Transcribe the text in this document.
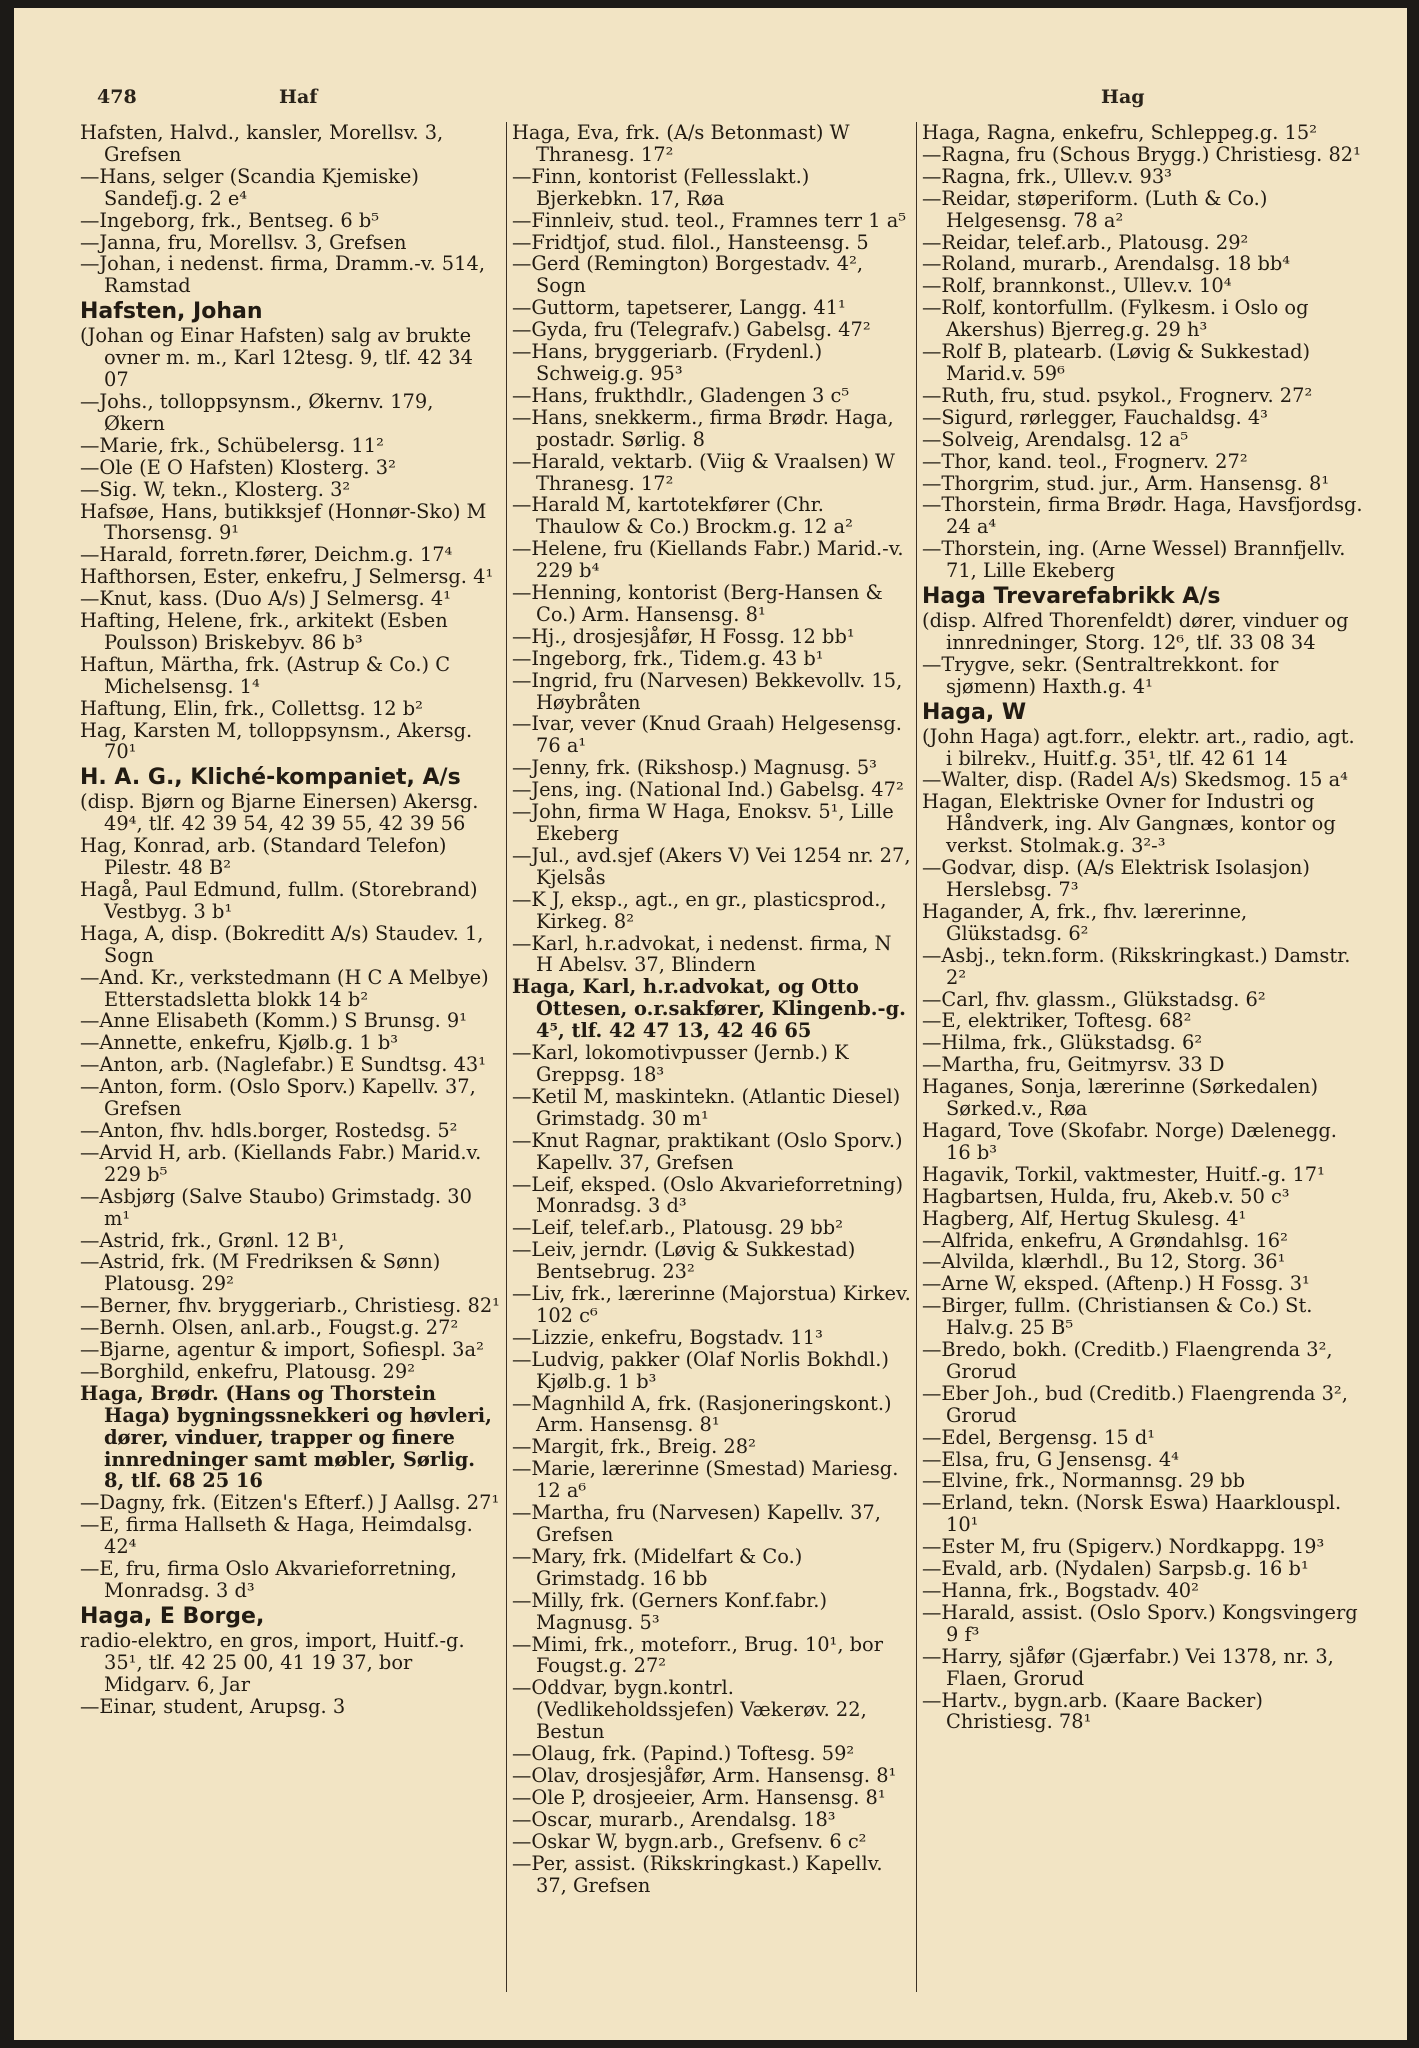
478	Haf	Hag

Hafsten, Halvd., kansler, Morellsv. 3, Grefsen

—Hans, selger (Scandia Kjemiske) Sandefj.g. 2 e⁴

—Ingeborg, frk., Bentseg. 6 b⁵

—Janna, fru, Morellsv. 3, Grefsen

—Johan, i nedenst. firma, Dramm.-v. 514, Ramstad

Hafsten, Johan

(Johan og Einar Hafsten) salg av brukte ovner m. m., Karl 12tesg. 9, tlf. 42 34 07

—Johs., tolloppsynsm., Økernv. 179, Økern

—Marie, frk., Schübelersg. 11²

—Ole (E O Hafsten) Klosterg. 3²

—Sig. W, tekn., Klosterg. 3²

Hafsøe, Hans, butikksjef (Honnør-Sko) M Thorsensg. 9¹

—Harald, forretn.fører, Deichm.g. 17⁴

Hafthorsen, Ester, enkefru, J Selmersg. 4¹

—Knut, kass. (Duo A/s) J Selmersg. 4¹

Hafting, Helene, frk., arkitekt (Esben Poulsson) Briskebyv. 86 b³

Haftun, Märtha, frk. (Astrup & Co.) C Michelsensg. 1⁴

Haftung, Elin, frk., Collettsg. 12 b²

Hag, Karsten M, tolloppsynsm., Akersg. 70¹

H. A. G., Kliché-kompaniet, A/s

(disp. Bjørn og Bjarne Einersen) Akersg. 49⁴, tlf. 42 39 54, 42 39 55, 42 39 56

Hag, Konrad, arb. (Standard Telefon) Pilestr. 48 B²

Hagå, Paul Edmund, fullm. (Storebrand) Vestbyg. 3 b¹

Haga, A, disp. (Bokreditt A/s) Staudev. 1, Sogn

—And. Kr., verkstedmann (H C A Melbye) Etterstadsletta blokk 14 b²

—Anne Elisabeth (Komm.) S Brunsg. 9¹

—Annette, enkefru, Kjølb.g. 1 b³

—Anton, arb. (Naglefabr.) E Sundtsg. 43¹

—Anton, form. (Oslo Sporv.) Kapellv. 37, Grefsen

—Anton, fhv. hdls.borger, Rostedsg. 5²

—Arvid H, arb. (Kiellands Fabr.) Marid.v. 229 b⁵

—Asbjørg (Salve Staubo) Grimstadg. 30 m¹

—Astrid, frk., Grønl. 12 B¹,

—Astrid, frk. (M Fredriksen & Sønn) Platousg. 29²

—Berner, fhv. bryggeriarb., Christiesg. 82¹

—Bernh. Olsen, anl.arb., Fougst.g. 27²

—Bjarne, agentur & import, Sofiespl. 3a²

—Borghild, enkefru, Platousg. 29²

Haga, Brødr. (Hans og Thorstein Haga) bygningssnekkeri og høvleri, dører, vinduer, trapper og finere innredninger samt møbler, Sørlig. 8, tlf. 68 25 16

—Dagny, frk. (Eitzen's Efterf.) J Aallsg. 27¹

—E, firma Hallseth & Haga, Heimdalsg. 42⁴

—E, fru, firma Oslo Akvarieforretning, Monradsg. 3 d³

Haga, E Borge,

radio-elektro, en gros, import, Huitf.-g. 35¹, tlf. 42 25 00, 41 19 37, bor Midgarv. 6, Jar

—Einar, student, Arupsg. 3

Haga, Eva, frk. (A/s Betonmast) W Thranesg. 17²

—Finn, kontorist (Fellesslakt.) Bjerkebkn. 17, Røa

—Finnleiv, stud. teol., Framnes terr 1 a⁵

—Fridtjof, stud. filol., Hansteensg. 5

—Gerd (Remington) Borgestadv. 4², Sogn

—Guttorm, tapetserer, Langg. 41¹

—Gyda, fru (Telegrafv.) Gabelsg. 47²

—Hans, bryggeriarb. (Frydenl.) Schweig.g. 95³

—Hans, frukthdlr., Gladengen 3 c⁵

—Hans, snekkerm., firma Brødr. Haga, postadr. Sørlig. 8

—Harald, vektarb. (Viig & Vraalsen) W Thranesg. 17²

—Harald M, kartotekfører (Chr. Thaulow & Co.) Brockm.g. 12 a²

—Helene, fru (Kiellands Fabr.) Marid.-v. 229 b⁴

—Henning, kontorist (Berg-Hansen & Co.) Arm. Hansensg. 8¹

—Hj., drosjesjåfør, H Fossg. 12 bb¹

—Ingeborg, frk., Tidem.g. 43 b¹

—Ingrid, fru (Narvesen) Bekkevollv. 15, Høybråten

—Ivar, vever (Knud Graah) Helgesensg. 76 a¹

—Jenny, frk. (Rikshosp.) Magnusg. 5³

—Jens, ing. (National Ind.) Gabelsg. 47²

—John, firma W Haga, Enoksv. 5¹, Lille Ekeberg

—Jul., avd.sjef (Akers V) Vei 1254 nr. 27, Kjelsås

—K J, eksp., agt., en gr., plasticsprod., Kirkeg. 8²

—Karl, h.r.advokat, i nedenst. firma, N H Abelsv. 37, Blindern

Haga, Karl, h.r.advokat, og Otto Ottesen, o.r.sakfører, Klingenb.-g. 4⁵, tlf. 42 47 13, 42 46 65

—Karl, lokomotivpusser (Jernb.) K Greppsg. 18³

—Ketil M, maskintekn. (Atlantic Diesel) Grimstadg. 30 m¹

—Knut Ragnar, praktikant (Oslo Sporv.) Kapellv. 37, Grefsen

—Leif, eksped. (Oslo Akvarieforretning) Monradsg. 3 d³

—Leif, telef.arb., Platousg. 29 bb²

—Leiv, jerndr. (Løvig & Sukkestad) Bentsebrug. 23²

—Liv, frk., lærerinne (Majorstua) Kirkev. 102 c⁶

—Lizzie, enkefru, Bogstadv. 11³

—Ludvig, pakker (Olaf Norlis Bokhdl.) Kjølb.g. 1 b³

—Magnhild A, frk. (Rasjoneringskont.) Arm. Hansensg. 8¹

—Margit, frk., Breig. 28²

—Marie, lærerinne (Smestad) Mariesg. 12 a⁶

—Martha, fru (Narvesen) Kapellv. 37, Grefsen

—Mary, frk. (Midelfart & Co.) Grimstadg. 16 bb

—Milly, frk. (Gerners Konf.fabr.) Magnusg. 5³

—Mimi, frk., moteforr., Brug. 10¹, bor Fougst.g. 27²

—Oddvar, bygn.kontrl. (Vedlikeholdssjefen) Vækerøv. 22, Bestun

—Olaug, frk. (Papind.) Toftesg. 59²

—Olav, drosjesjåfør, Arm. Hansensg. 8¹

—Ole P, drosjeeier, Arm. Hansensg. 8¹

—Oscar, murarb., Arendalsg. 18³

—Oskar W, bygn.arb., Grefsenv. 6 c²

—Per, assist. (Rikskringkast.) Kapellv. 37, Grefsen

Haga, Ragna, enkefru, Schleppeg.g. 15²

—Ragna, fru (Schous Brygg.) Christiesg. 82¹

—Ragna, frk., Ullev.v. 93³

—Reidar, støperiform. (Luth & Co.) Helgesensg. 78 a²

—Reidar, telef.arb., Platousg. 29²

—Roland, murarb., Arendalsg. 18 bb⁴

—Rolf, brannkonst., Ullev.v. 10⁴

—Rolf, kontorfullm. (Fylkesm. i Oslo og Akershus) Bjerreg.g. 29 h³

—Rolf B, platearb. (Løvig & Sukkestad) Marid.v. 59⁶

—Ruth, fru, stud. psykol., Frognerv. 27²

—Sigurd, rørlegger, Fauchaldsg. 4³

—Solveig, Arendalsg. 12 a⁵

—Thor, kand. teol., Frognerv. 27²

—Thorgrim, stud. jur., Arm. Hansensg. 8¹

—Thorstein, firma Brødr. Haga, Havsfjordsg. 24 a⁴

—Thorstein, ing. (Arne Wessel) Brannfjellv. 71, Lille Ekeberg

Haga Trevarefabrikk A/s

(disp. Alfred Thorenfeldt) dører, vinduer og innredninger, Storg. 12⁶, tlf. 33 08 34

—Trygve, sekr. (Sentraltrekkont. for sjømenn) Haxth.g. 4¹

Haga, W

(John Haga) agt.forr., elektr. art., radio, agt. i bilrekv., Huitf.g. 35¹, tlf. 42 61 14

—Walter, disp. (Radel A/s) Skedsmog. 15 a⁴

Hagan, Elektriske Ovner for Industri og Håndverk, ing. Alv Gangnæs, kontor og verkst. Stolmak.g. 3²-³

—Godvar, disp. (A/s Elektrisk Isolasjon) Herslebsg. 7³

Hagander, A, frk., fhv. lærerinne, Glükstadsg. 6²

—Asbj., tekn.form. (Rikskringkast.) Damstr. 2²

—Carl, fhv. glassm., Glükstadsg. 6²

—E, elektriker, Toftesg. 68²

—Hilma, frk., Glükstadsg. 6²

—Martha, fru, Geitmyrsv. 33 D

Haganes, Sonja, lærerinne (Sørkedalen) Sørked.v., Røa

Hagard, Tove (Skofabr. Norge) Dælenegg. 16 b³

Hagavik, Torkil, vaktmester, Huitf.-g. 17¹

Hagbartsen, Hulda, fru, Akeb.v. 50 c³

Hagberg, Alf, Hertug Skulesg. 4¹

—Alfrida, enkefru, A Grøndahlsg. 16²

—Alvilda, klærhdl., Bu 12, Storg. 36¹

—Arne W, eksped. (Aftenp.) H Fossg. 3¹

—Birger, fullm. (Christiansen & Co.) St. Halv.g. 25 B⁵

—Bredo, bokh. (Creditb.) Flaengrenda 3², Grorud

—Eber Joh., bud (Creditb.) Flaengrenda 3², Grorud

—Edel, Bergensg. 15 d¹

—Elsa, fru, G Jensensg. 4⁴

—Elvine, frk., Normannsg. 29 bb

—Erland, tekn. (Norsk Eswa) Haarklouspl. 10¹

—Ester M, fru (Spigerv.) Nordkappg. 19³

—Evald, arb. (Nydalen) Sarpsb.g. 16 b¹

—Hanna, frk., Bogstadv. 40²

—Harald, assist. (Oslo Sporv.) Kongsvingerg 9 f³

—Harry, sjåfør (Gjærfabr.) Vei 1378, nr. 3, Flaen, Grorud

—Hartv., bygn.arb. (Kaare Backer) Christiesg. 78¹
